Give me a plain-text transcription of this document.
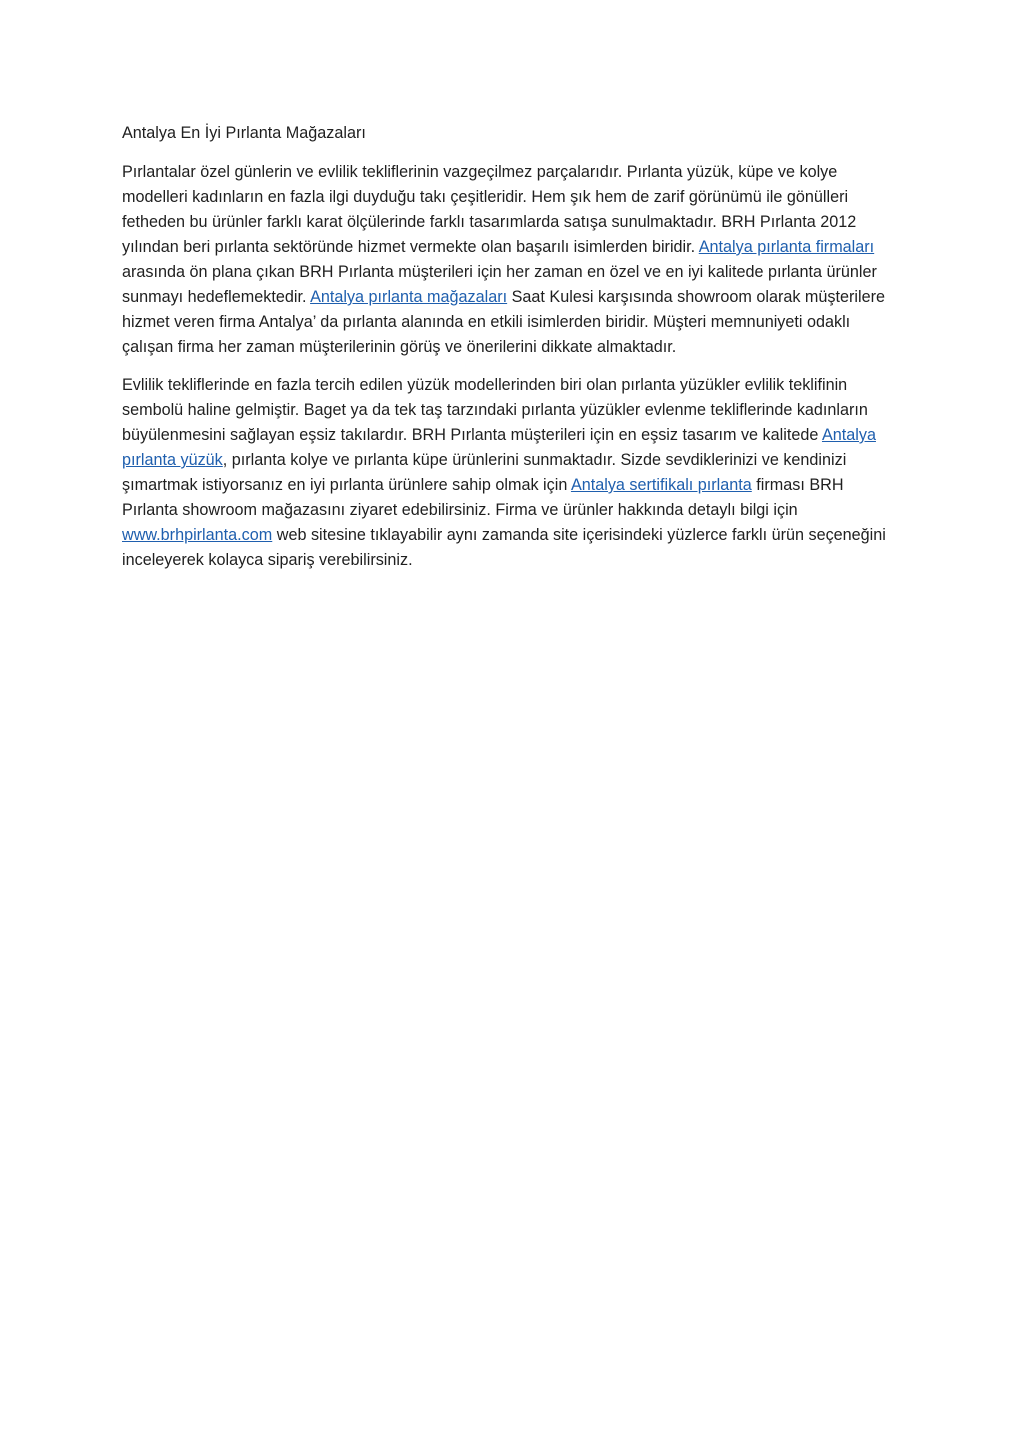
Antalya En İyi Pırlanta Mağazaları

Pırlantalar özel günlerin ve evlilik tekliflerinin vazgeçilmez parçalarıdır. Pırlanta yüzük, küpe ve kolye modelleri kadınların en fazla ilgi duyduğu takı çeşitleridir. Hem şık hem de zarif görünümü ile gönülleri fetheden bu ürünler farklı karat ölçülerinde farklı tasarımlarda satışa sunulmaktadır. BRH Pırlanta 2012 yılından beri pırlanta sektöründe hizmet vermekte olan başarılı isimlerden biridir. Antalya pırlanta firmaları arasında ön plana çıkan BRH Pırlanta müşterileri için her zaman en özel ve en iyi kalitede pırlanta ürünler sunmayı hedeflemektedir. Antalya pırlanta mağazaları Saat Kulesi karşısında showroom olarak müşterilere hizmet veren firma Antalya’ da pırlanta alanında en etkili isimlerden biridir. Müşteri memnuniyeti odaklı çalışan firma her zaman müşterilerinin görüş ve önerilerini dikkate almaktadır.

Evlilik tekliflerinde en fazla tercih edilen yüzük modellerinden biri olan pırlanta yüzükler evlilik teklifinin sembolü haline gelmiştir. Baget ya da tek taş tarzındaki pırlanta yüzükler evlenme tekliflerinde kadınların büyülenmesini sağlayan eşsiz takılardır. BRH Pırlanta müşterileri için en eşsiz tasarım ve kalitede Antalya pırlanta yüzük, pırlanta kolye ve pırlanta küpe ürünlerini sunmaktadır. Sizde sevdiklerinizi ve kendinizi şımartmak istiyorsanız en iyi pırlanta ürünlere sahip olmak için Antalya sertifikalı pırlanta firması BRH Pırlanta showroom mağazasını ziyaret edebilirsiniz. Firma ve ürünler hakkında detaylı bilgi için www.brhpirlanta.com web sitesine tıklayabilir aynı zamanda site içerisindeki yüzlerce farklı ürün seçeneğini inceleyerek kolayca sipariş verebilirsiniz.
